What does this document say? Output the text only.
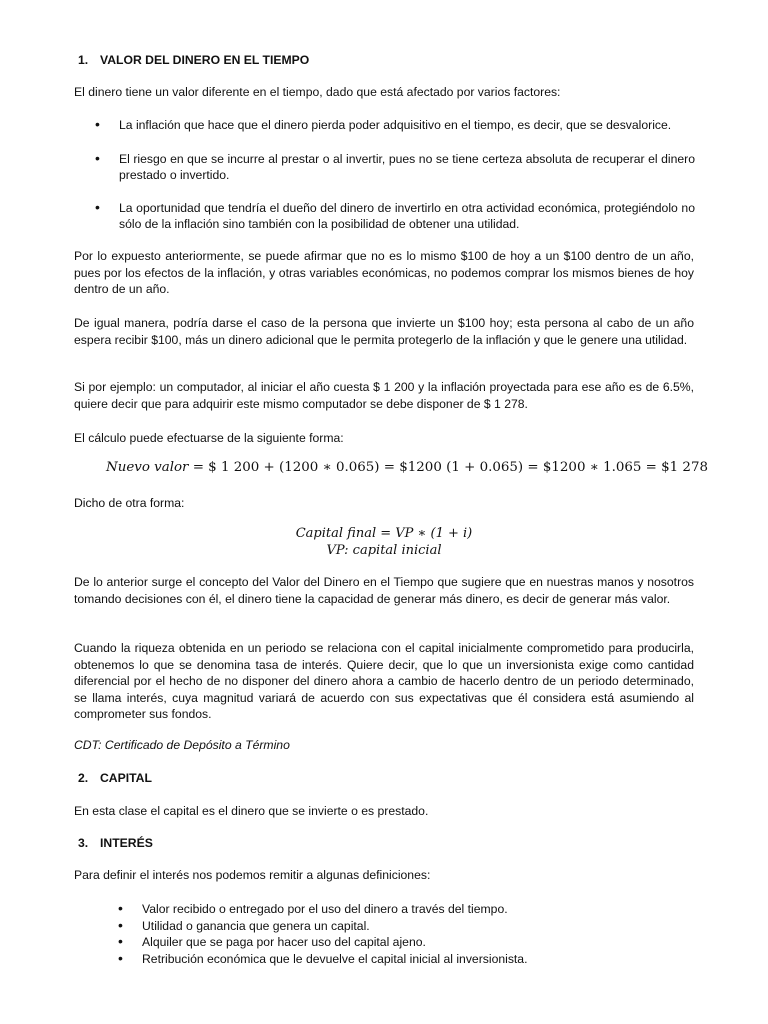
1. VALOR DEL DINERO EN EL TIEMPO

El dinero tiene un valor diferente en el tiempo, dado que está afectado por varios factores:

• La inflación que hace que el dinero pierda poder adquisitivo en el tiempo, es decir, que se desvalorice.
• El riesgo en que se incurre al prestar o al invertir, pues no se tiene certeza absoluta de recuperar el dinero prestado o invertido.
• La oportunidad que tendría el dueño del dinero de invertirlo en otra actividad económica, protegiéndolo no sólo de la inflación sino también con la posibilidad de obtener una utilidad.

Por lo expuesto anteriormente, se puede afirmar que no es lo mismo $100 de hoy a un $100 dentro de un año, pues por los efectos de la inflación, y otras variables económicas, no podemos comprar los mismos bienes de hoy dentro de un año.

De igual manera, podría darse el caso de la persona que invierte un $100 hoy; esta persona al cabo de un año espera recibir $100, más un dinero adicional que le permita protegerlo de la inflación y que le genere una utilidad.

Si por ejemplo: un computador, al iniciar el año cuesta $ 1 200 y la inflación proyectada para ese año es de 6.5%, quiere decir que para adquirir este mismo computador se debe disponer de $ 1 278.

El cálculo puede efectuarse de la siguiente forma:

Nuevo valor = $ 1 200 + (1200 ∗ 0.065) = $1200 (1 + 0.065) = $1200 ∗ 1.065 = $1 278

Dicho de otra forma:

Capital final = VP ∗ (1 + i)
VP: capital inicial

De lo anterior surge el concepto del Valor del Dinero en el Tiempo que sugiere que en nuestras manos y nosotros tomando decisiones con él, el dinero tiene la capacidad de generar más dinero, es decir de generar más valor.

Cuando la riqueza obtenida en un periodo se relaciona con el capital inicialmente comprometido para producirla, obtenemos lo que se denomina tasa de interés. Quiere decir, que lo que un inversionista exige como cantidad diferencial por el hecho de no disponer del dinero ahora a cambio de hacerlo dentro de un periodo determinado, se llama interés, cuya magnitud variará de acuerdo con sus expectativas que él considera está asumiendo al comprometer sus fondos.

CDT: Certificado de Depósito a Término

2. CAPITAL

En esta clase el capital es el dinero que se invierte o es prestado.

3. INTERÉS

Para definir el interés nos podemos remitir a algunas definiciones:

• Valor recibido o entregado por el uso del dinero a través del tiempo.
• Utilidad o ganancia que genera un capital.
• Alquiler que se paga por hacer uso del capital ajeno.
• Retribución económica que le devuelve el capital inicial al inversionista.
